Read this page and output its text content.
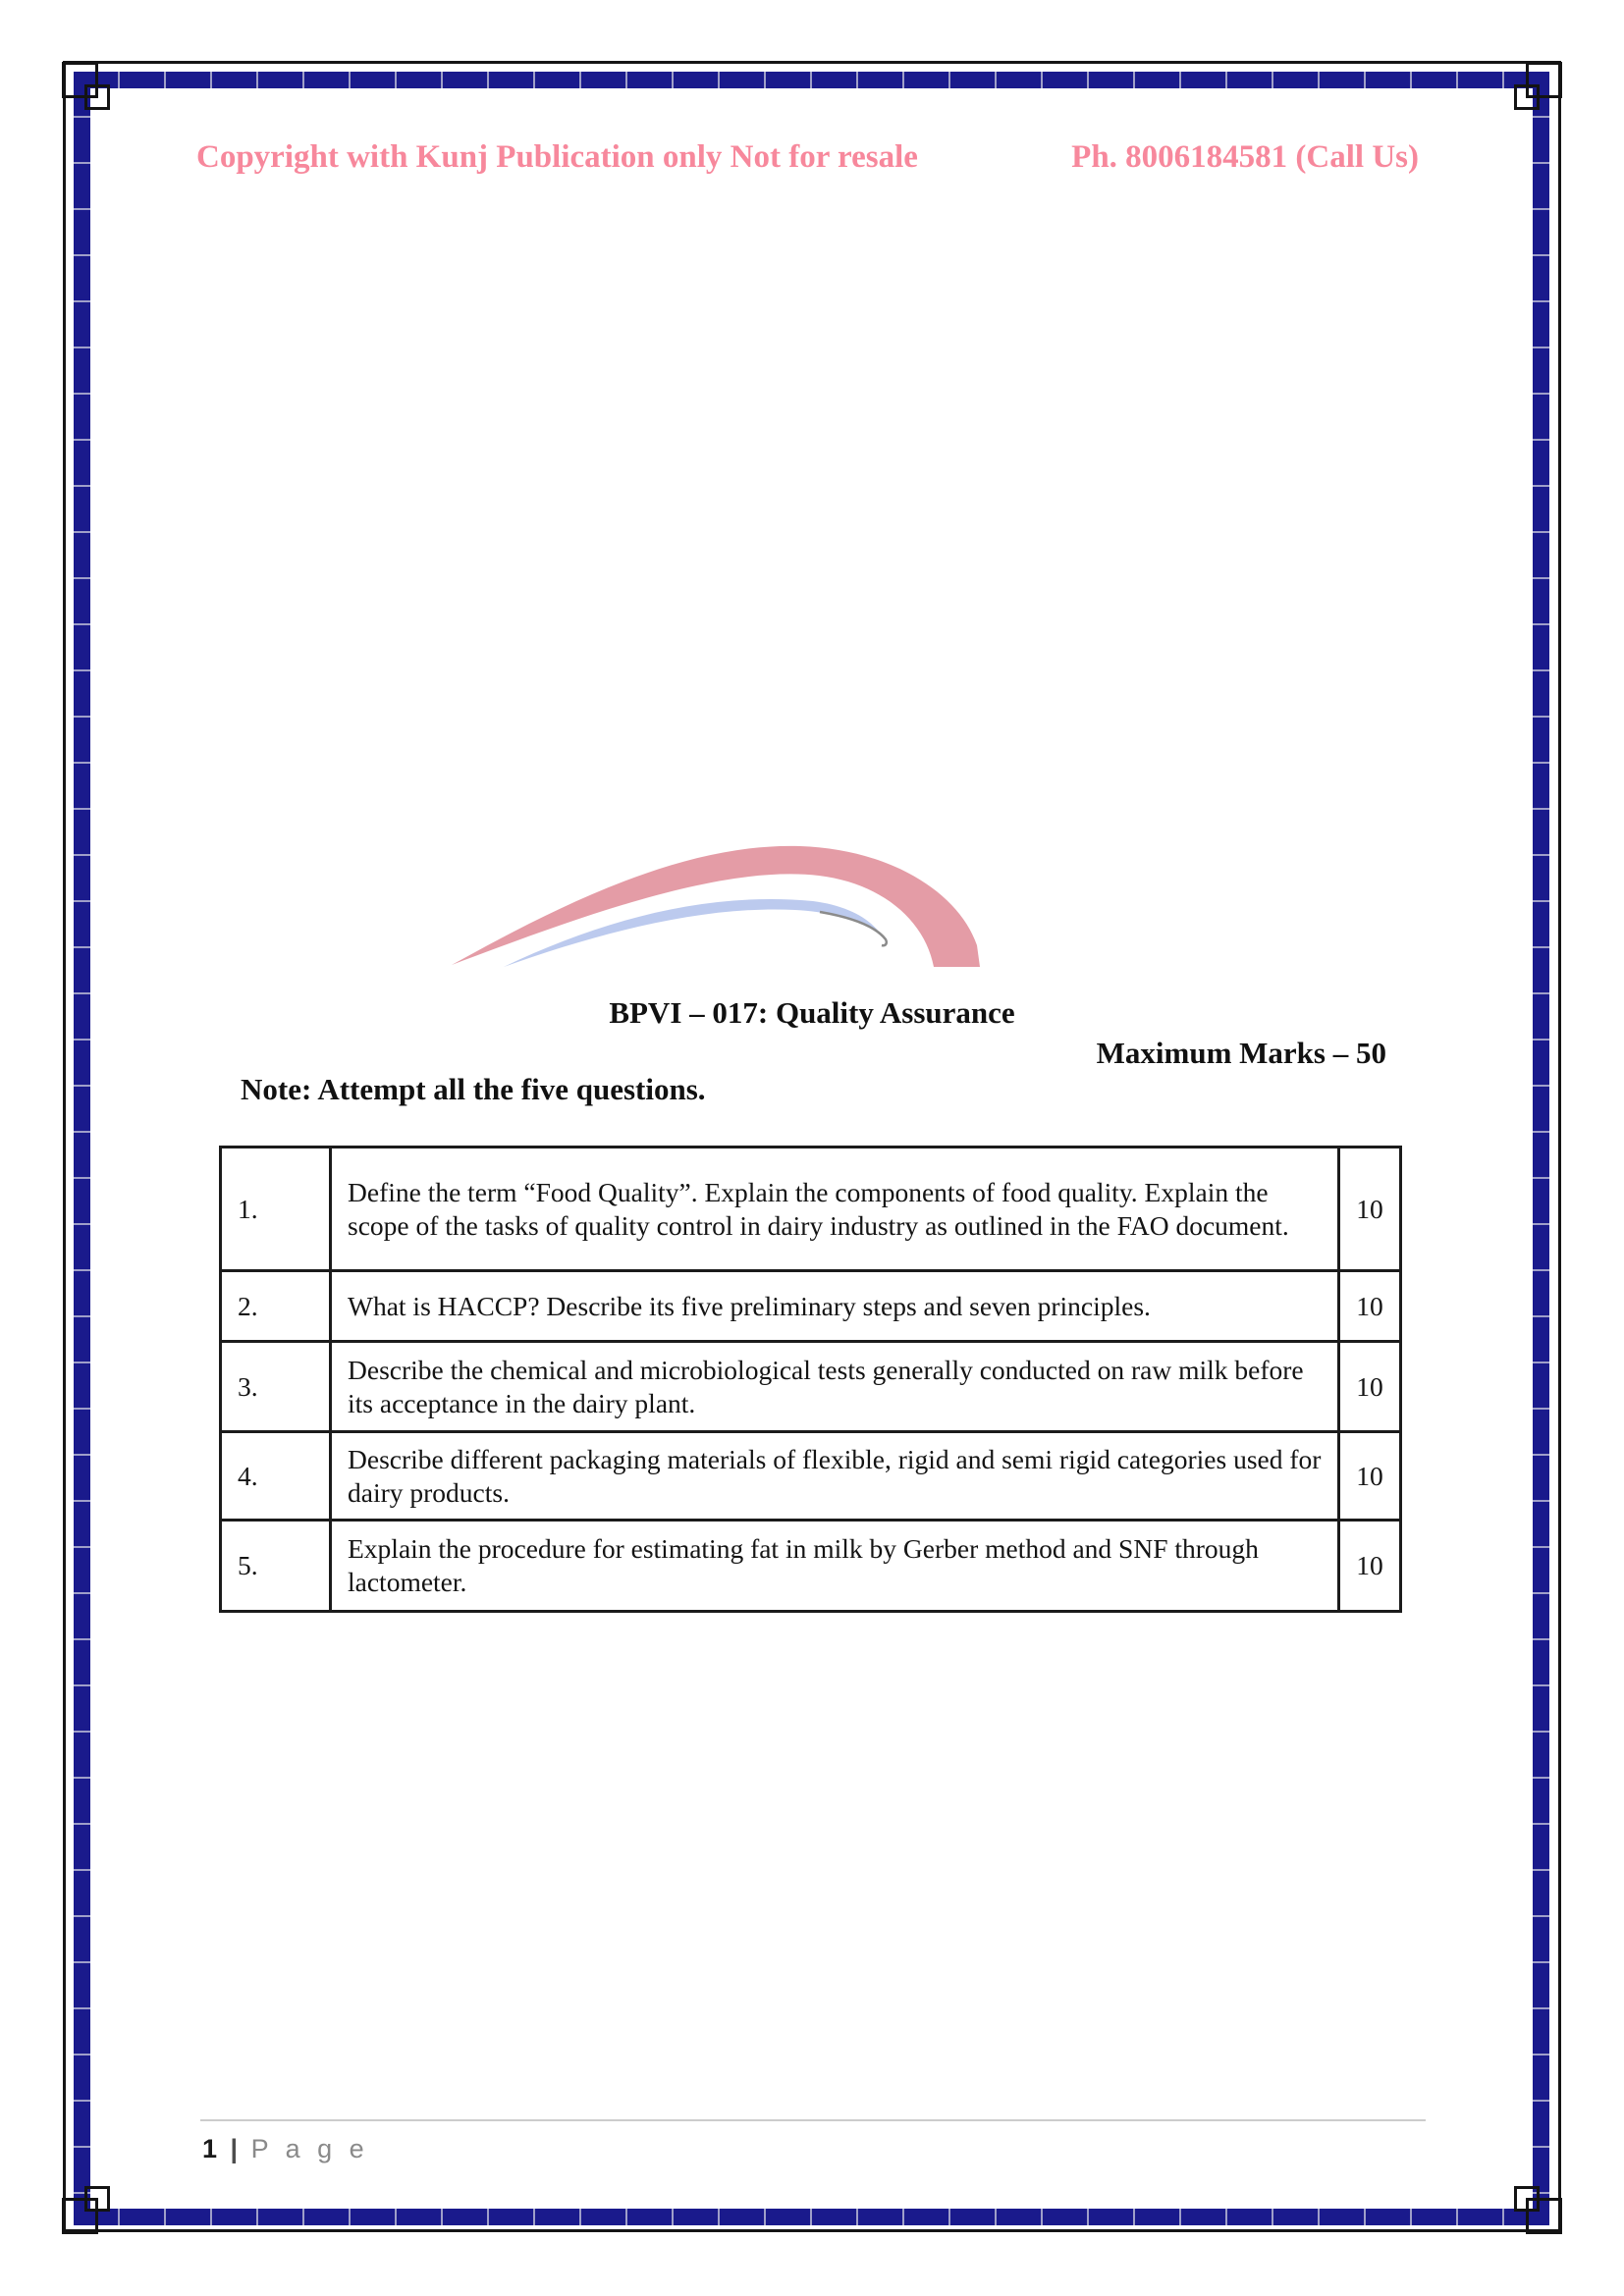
Copyright with Kunj Publication only Not for resale	Ph. 8006184581 (Call Us)
BPVI – 017: Quality Assurance
Maximum Marks – 50
Note: Attempt all the five questions.
1.	Define the term “Food Quality”. Explain the components of food quality. Explain the scope of the tasks of quality control in dairy industry as outlined in the FAO document.	10
2.	What is HACCP? Describe its five preliminary steps and seven principles.	10
3.	Describe the chemical and microbiological tests generally conducted on raw milk before its acceptance in the dairy plant.	10
4.	Describe different packaging materials of flexible, rigid and semi rigid categories used for dairy products.	10
5.	Explain the procedure for estimating fat in milk by Gerber method and SNF through lactometer.	10
1 | P a g e
